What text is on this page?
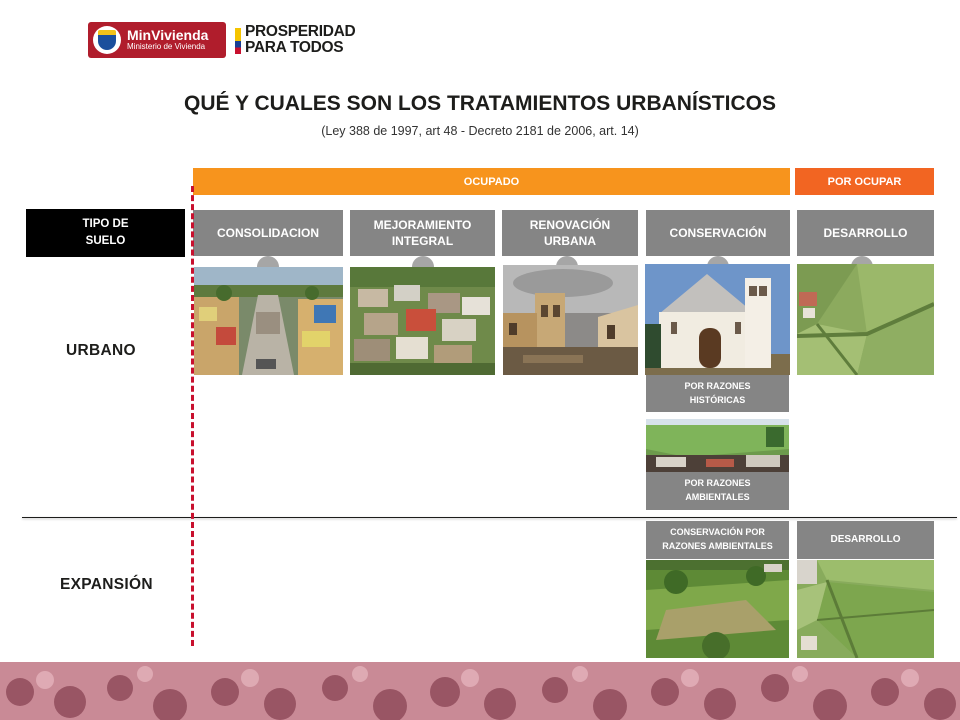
MinVivienda
Ministerio de Vivienda
PROSPERIDAD
PARA TODOS
QUÉ Y CUALES SON LOS TRATAMIENTOS URBANÍSTICOS
(Ley 388 de 1997, art 48 - Decreto 2181 de 2006, art. 14)
OCUPADO	POR OCUPAR
TIPO DE
SUELO
CONSOLIDACION
MEJORAMIENTO
INTEGRAL
RENOVACIÓN
URBANA
CONSERVACIÓN	DESARROLLO
POR RAZONES
HISTÓRICAS
POR RAZONES
AMBIENTALES
URBANO
EXPANSIÓN
CONSERVACIÓN POR
RAZONES AMBIENTALES
DESARROLLO
